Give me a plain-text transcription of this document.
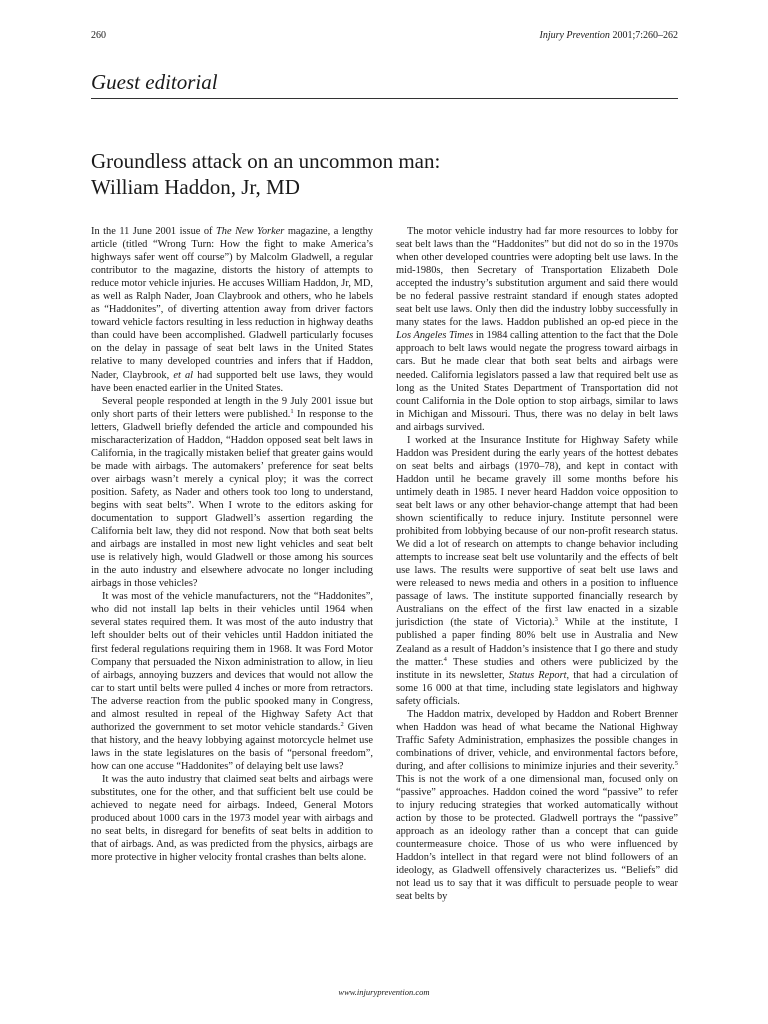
260	Injury Prevention 2001;7:260–262
Guest editorial
Groundless attack on an uncommon man:
William Haddon, Jr, MD

In the 11 June 2001 issue of The New Yorker magazine, a lengthy article (titled “Wrong Turn: How the fight to make America’s highways safer went off course”) by Malcolm Gladwell, a regular contributor to the magazine, distorts the history of attempts to reduce motor vehicle injuries. He accuses William Haddon, Jr, MD, as well as Ralph Nader, Joan Claybrook and others, who he labels as “Haddonites”, of diverting attention away from driver factors toward vehicle factors resulting in less reduction in highway deaths than could have been accomplished. Gladwell particularly focuses on the delay in passage of seat belt laws in the United States relative to many developed countries and infers that if Haddon, Nader, Claybrook, et al had supported belt use laws, they would have been enacted earlier in the United States.

Several people responded at length in the 9 July 2001 issue but only short parts of their letters were published.$^1$ In response to the letters, Gladwell briefly defended the article and compounded his mischaracterization of Haddon, “Haddon opposed seat belt laws in California, in the tragically mistaken belief that greater gains would be made with airbags. The automakers’ preference for seat belts over airbags wasn’t merely a cynical ploy; it was the correct position. Safety, as Nader and others took too long to understand, begins with seat belts”. When I wrote to the editors asking for documentation to support Gladwell’s assertion regarding the California belt law, they did not respond. Now that both seat belts and airbags are installed in most new light vehicles and seat belt use is relatively high, would Gladwell or those among his sources in the auto industry and elsewhere advocate no longer including airbags in those vehicles?

It was most of the vehicle manufacturers, not the “Haddonites”, who did not install lap belts in their vehicles until 1964 when several states required them. It was most of the auto industry that left shoulder belts out of their vehicles until Haddon initiated the first federal regulations requiring them in 1968. It was Ford Motor Company that persuaded the Nixon administration to allow, in lieu of airbags, annoying buzzers and devices that would not allow the car to start until belts were pulled 4 inches or more from retractors. The adverse reaction from the public spooked many in Congress, and almost resulted in repeal of the Highway Safety Act that authorized the government to set motor vehicle standards.$^2$ Given that history, and the heavy lobbying against motorcycle helmet use laws in the state legislatures on the basis of “personal freedom”, how can one accuse “Haddonites” of delaying belt use laws?

It was the auto industry that claimed seat belts and airbags were substitutes, one for the other, and that sufficient belt use could be achieved to negate need for airbags. Indeed, General Motors produced about 1000 cars in the 1973 model year with airbags and no seat belts, in disregard for benefits of seat belts in addition to that of airbags. And, as was predicted from the physics, airbags are more protective in higher velocity frontal crashes than belts alone.

The motor vehicle industry had far more resources to lobby for seat belt laws than the “Haddonites” but did not do so in the 1970s when other developed countries were adopting belt use laws. In the mid-1980s, then Secretary of Transportation Elizabeth Dole accepted the industry’s substitution argument and said there would be no federal passive restraint standard if enough states adopted seat belt use laws. Only then did the industry lobby successfully in many states for the laws. Haddon published an op-ed piece in the Los Angeles Times in 1984 calling attention to the fact that the Dole approach to belt laws would negate the progress toward airbags in cars. But he made clear that both seat belts and airbags were needed. California legislators passed a law that required belt use as long as the United States Department of Transportation did not count California in the Dole option to stop airbags, similar to laws in Michigan and Missouri. Thus, there was no delay in belt laws and airbags survived.

I worked at the Insurance Institute for Highway Safety while Haddon was President during the early years of the hottest debates on seat belts and airbags (1970–78), and kept in contact with Haddon until he became gravely ill some months before his untimely death in 1985. I never heard Haddon voice opposition to seat belt laws or any other behavior-change attempt that had been shown scientifically to reduce injury. Institute personnel were prohibited from lobbying because of our non-profit research status. We did a lot of research on attempts to change behavior including attempts to increase seat belt use voluntarily and the effects of belt use laws. The results were supportive of seat belt use laws and were released to news media and others in a position to influence passage of laws. The institute supported financially research by Australians on the effect of the first law enacted in a sizable jurisdiction (the state of Victoria).$^3$ While at the institute, I published a paper finding 80% belt use in Australia and New Zealand as a result of Haddon’s insistence that I go there and study the matter.$^4$ These studies and others were publicized by the institute in its newsletter, Status Report, that had a circulation of some 16 000 at that time, including state legislators and highway safety officials.

The Haddon matrix, developed by Haddon and Robert Brenner when Haddon was head of what became the National Highway Traffic Safety Administration, emphasizes the possible changes in combinations of driver, vehicle, and environmental factors before, during, and after collisions to minimize injuries and their severity.$^5$ This is not the work of a one dimensional man, focused only on “passive” approaches. Haddon coined the word “passive” to refer to injury reducing strategies that worked automatically without action by those to be protected. Gladwell portrays the “passive” approach as an ideology rather than a concept that can guide countermeasure choice. Those of us who were influenced by Haddon’s intellect in that regard were not blind followers of an ideology, as Gladwell offensively characterizes us. “Beliefs” did not lead us to say that it was difficult to persuade people to wear seat belts by

www.injuryprevention.com
